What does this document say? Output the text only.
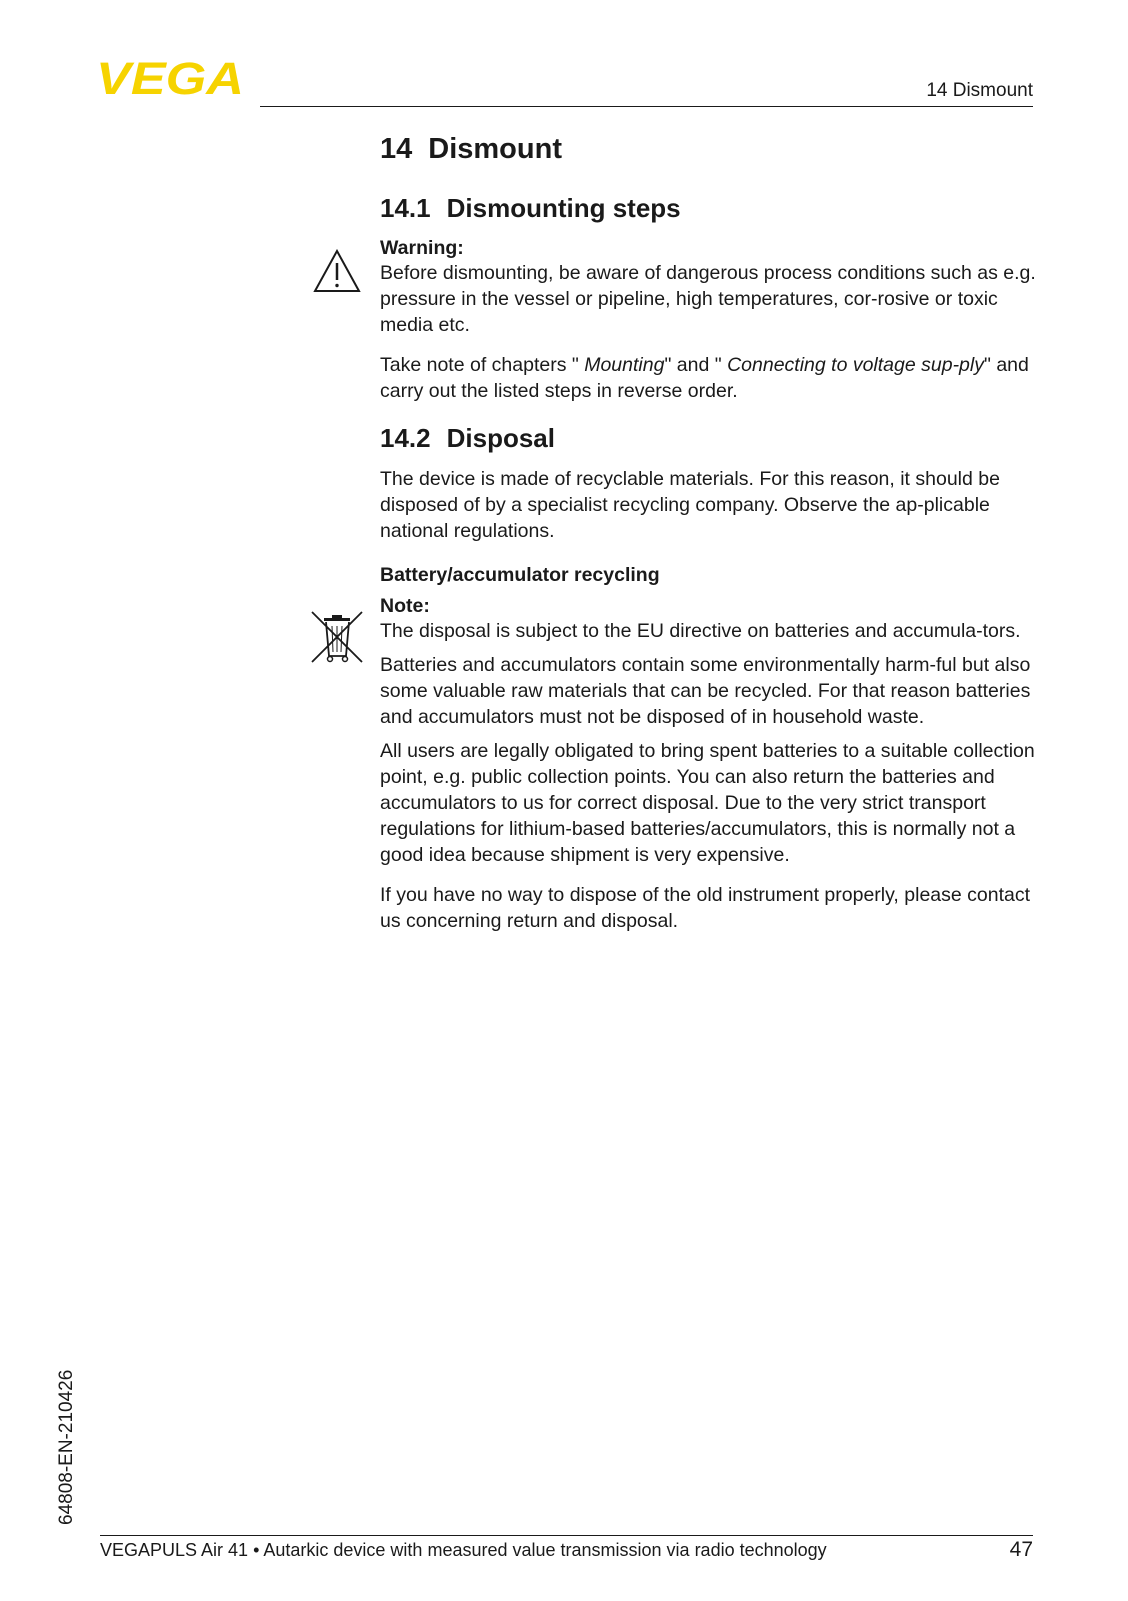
VEGA	14 Dismount
14 Dismount
14.1 Dismounting steps
Warning:

Before dismounting, be aware of dangerous process conditions such as e.g. pressure in the vessel or pipeline, high temperatures, cor-rosive or toxic media etc.

Take note of chapters " Mounting" and " Connecting to voltage sup-ply" and carry out the listed steps in reverse order.

14.2 Disposal

The device is made of recyclable materials. For this reason, it should be disposed of by a specialist recycling company. Observe the ap-plicable national regulations.

Battery/accumulator recycling
Note:

The disposal is subject to the EU directive on batteries and accumula-tors.

Batteries and accumulators contain some environmentally harm-ful but also some valuable raw materials that can be recycled. For that reason batteries and accumulators must not be disposed of in household waste.

All users are legally obligated to bring spent batteries to a suitable collection point, e.g. public collection points. You can also return the batteries and accumulators to us for correct disposal. Due to the very strict transport regulations for lithium-based batteries/accumulators, this is normally not a good idea because shipment is very expensive.

If you have no way to dispose of the old instrument properly, please contact us concerning return and disposal.

64808-EN-210426
VEGAPULS Air 41 • Autarkic device with measured value transmission via radio technology	47
